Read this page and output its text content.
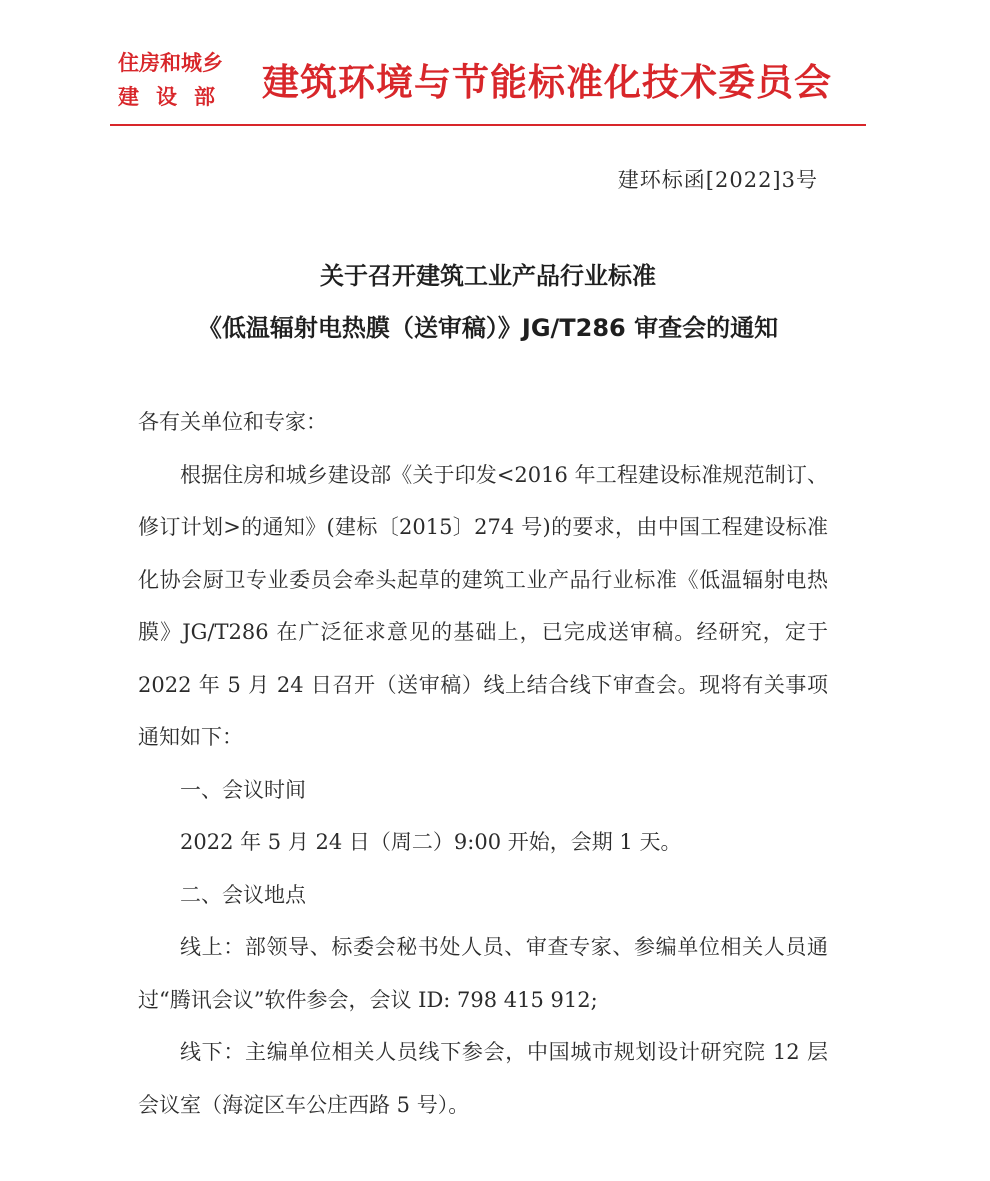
住房和城乡
建设部 建筑环境与节能标准化技术委员会
建环标函[2022]3号
关于召开建筑工业产品行业标准
《低温辐射电热膜（送审稿）》JG/T286 审查会的通知

各有关单位和专家：

根据住房和城乡建设部《关于印发<2016 年工程建设标准规范制订、修订计划>的通知》(建标〔2015〕274 号)的要求，由中国工程建设标准化协会厨卫专业委员会牵头起草的建筑工业产品行业标准《低温辐射电热膜》JG/T286 在广泛征求意见的基础上，已完成送审稿。经研究，定于 2022 年 5 月 24 日召开（送审稿）线上结合线下审查会。现将有关事项通知如下：

一、会议时间

2022 年 5 月 24 日（周二）9:00 开始，会期 1 天。

二、会议地点

线上：部领导、标委会秘书处人员、审查专家、参编单位相关人员通过“腾讯会议”软件参会，会议 ID: 798 415 912;

线下：主编单位相关人员线下参会，中国城市规划设计研究院 12 层会议室（海淀区车公庄西路 5 号）。
